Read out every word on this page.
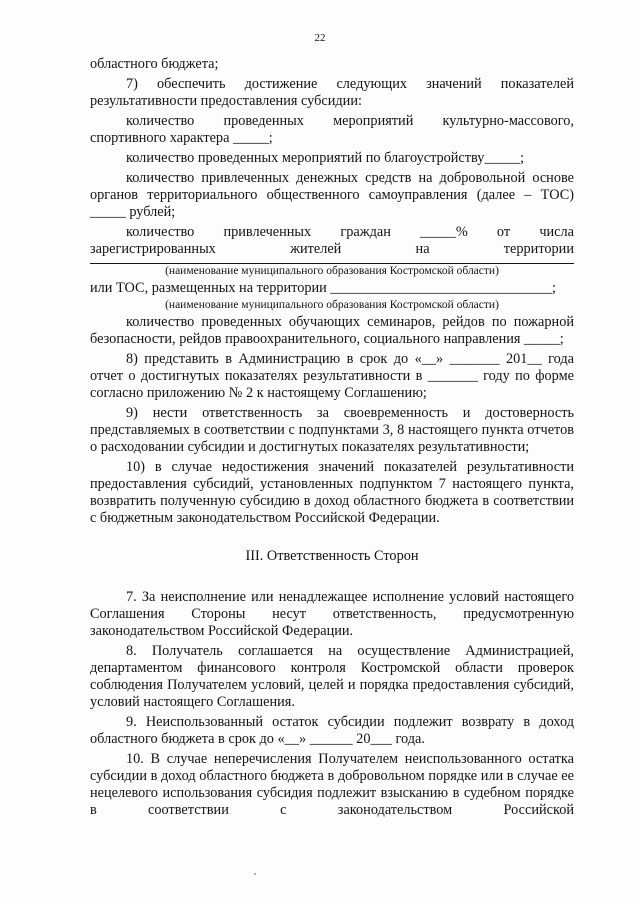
22

областного бюджета;

7) обеспечить достижение следующих значений показателей результативности предоставления субсидии:

количество проведенных мероприятий культурно-массового, спортивного характера _____;

количество проведенных мероприятий по благоустройству_____;

количество привлеченных денежных средств на добровольной основе органов территориального общественного самоуправления (далее – ТОС) _____ рублей;

количество привлеченных граждан _____% от числа зарегистрированных жителей на территории

(наименование муниципального образования Костромской области)

или ТОС, размещенных на территории _______________________________;

(наименование муниципального образования Костромской области)

количество проведенных обучающих семинаров, рейдов по пожарной безопасности, рейдов правоохранительного, социального направления _____;

8) представить в Администрацию в срок до «__» _______ 201__ года отчет о достигнутых показателях результативности в _______ году по форме согласно приложению № 2 к настоящему Соглашению;

9) нести ответственность за своевременность и достоверность представляемых в соответствии с подпунктами 3, 8 настоящего пункта отчетов о расходовании субсидии и достигнутых показателях результативности;

10) в случае недостижения значений показателей результативности предоставления субсидий, установленных подпунктом 7 настоящего пункта, возвратить полученную субсидию в доход областного бюджета в соответствии с бюджетным законодательством Российской Федерации.

III. Ответственность Сторон

7. За неисполнение или ненадлежащее исполнение условий настоящего Соглашения Стороны несут ответственность, предусмотренную законодательством Российской Федерации.

8. Получатель соглашается на осуществление Администрацией, департаментом финансового контроля Костромской области проверок соблюдения Получателем условий, целей и порядка предоставления субсидий, условий настоящего Соглашения.

9. Неиспользованный остаток субсидии подлежит возврату в доход областного бюджета в срок до «__» ______ 20___ года.

10. В случае неперечисления Получателем неиспользованного остатка субсидии в доход областного бюджета в добровольном порядке или в случае ее нецелевого использования субсидия подлежит взысканию в судебном порядке в соответствии с законодательством Российской
